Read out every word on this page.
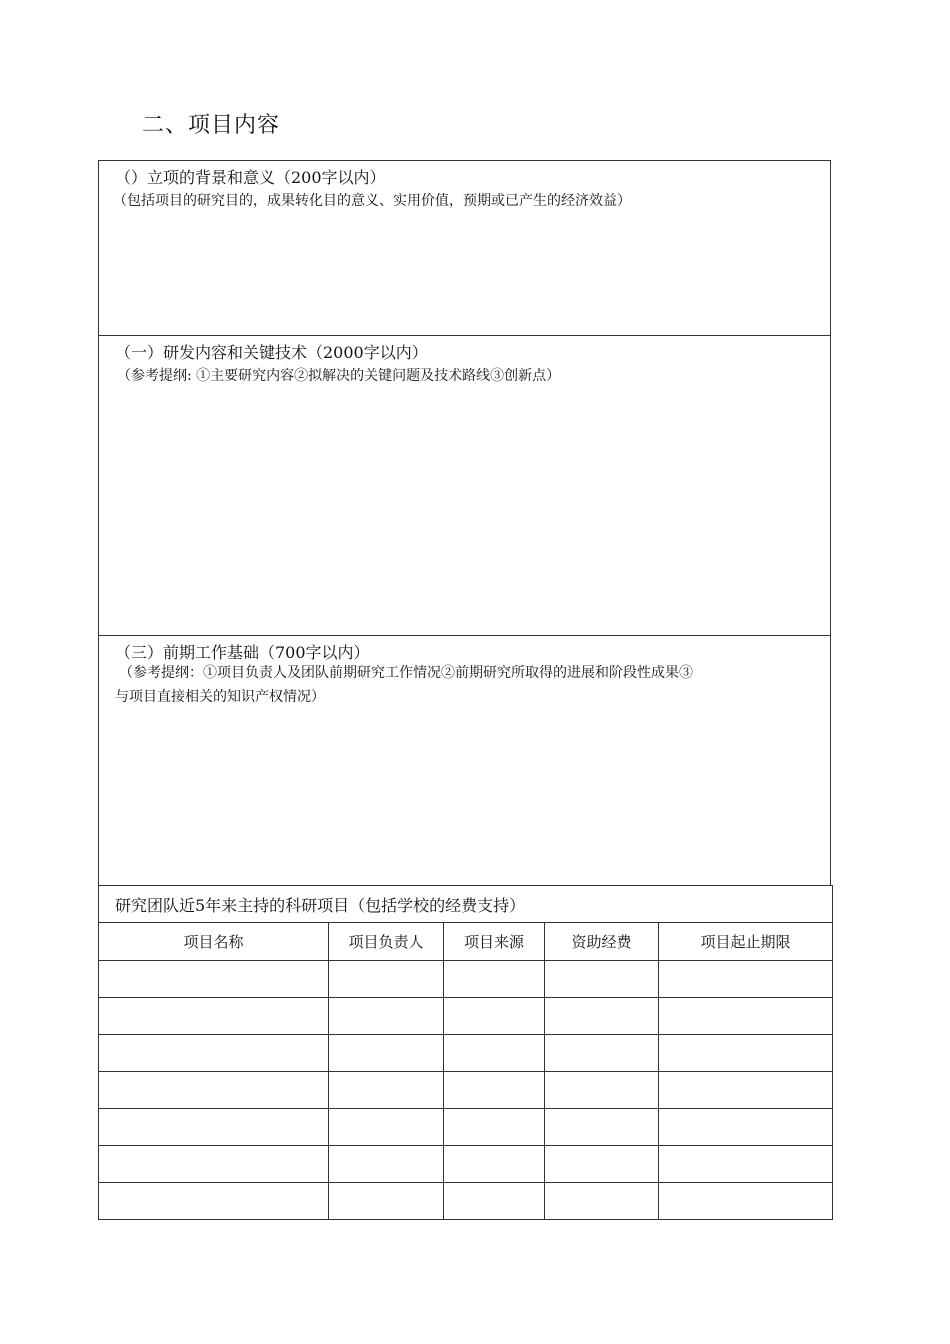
二、项目内容
（）立项的背景和意义（200字以内）
（包括项目的研究目的，成果转化目的意义、实用价值，预期或已产生的经济效益）
（一）研发内容和关键技术（2000字以内）
（参考提纲: ①主要研究内容②拟解决的关键问题及技术路线③创新点）
（三）前期工作基础（700字以内）
（参考提纲：①项目负责人及团队前期研究工作情况②前期研究所取得的进展和阶段性成果③
与项目直接相关的知识产权情况）
研究团队近5年来主持的科研项目（包括学校的经费支持）				
项目名称	项目负责人	项目来源	资助经费	项目起止期限
